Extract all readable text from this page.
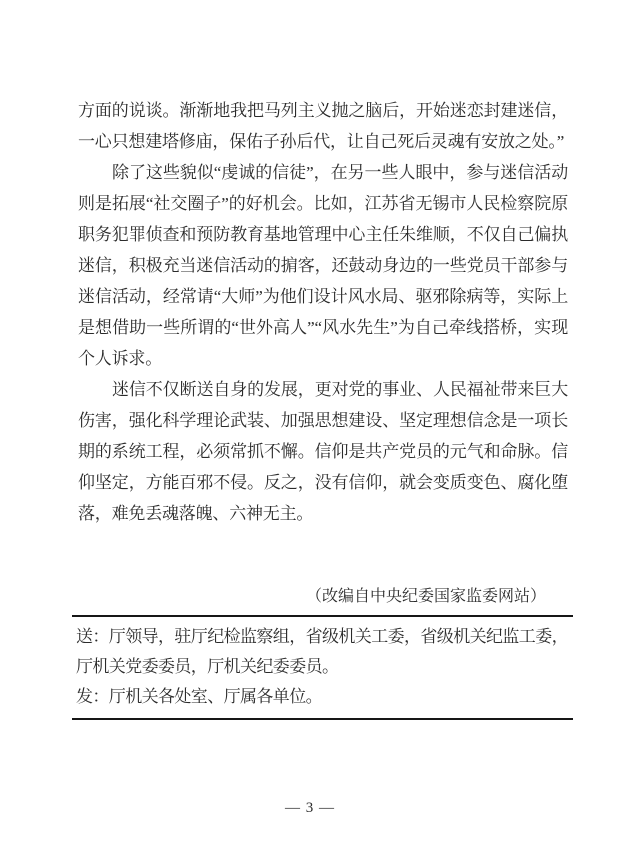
方面的说谈。渐渐地我把马列主义抛之脑后，开始迷恋封建迷信，一心只想建塔修庙，保佑子孙后代，让自己死后灵魂有安放之处。”

除了这些貌似“虔诚的信徒”，在另一些人眼中，参与迷信活动则是拓展“社交圈子”的好机会。比如，江苏省无锡市人民检察院原职务犯罪侦查和预防教育基地管理中心主任朱维顺，不仅自己偏执迷信，积极充当迷信活动的掮客，还鼓动身边的一些党员干部参与迷信活动，经常请“大师”为他们设计风水局、驱邪除病等，实际上是想借助一些所谓的“世外高人”“风水先生”为自己牵线搭桥，实现个人诉求。

迷信不仅断送自身的发展，更对党的事业、人民福祉带来巨大伤害，强化科学理论武装、加强思想建设、坚定理想信念是一项长期的系统工程，必须常抓不懈。信仰是共产党员的元气和命脉。信仰坚定，方能百邪不侵。反之，没有信仰，就会变质变色、腐化堕落，难免丢魂落魄、六神无主。

（改编自中央纪委国家监委网站）

送：厅领导，驻厅纪检监察组，省级机关工委，省级机关纪监工委，厅机关党委委员，厅机关纪委委员。

发：厅机关各处室、厅属各单位。

— 3 —
